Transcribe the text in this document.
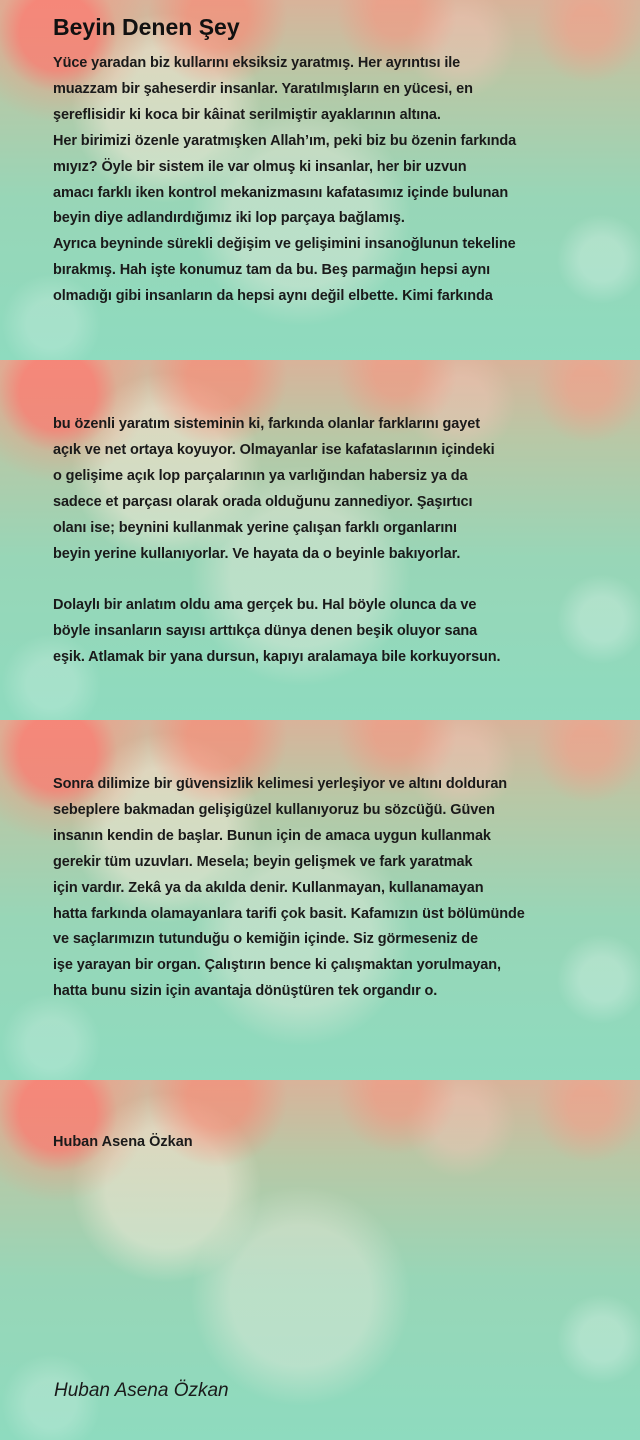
Beyin Denen Şey

Yüce yaradan biz kullarını eksiksiz yaratmış. Her ayrıntısı ile
muazzam bir şaheserdir insanlar. Yaratılmışların en yücesi, en
şereflisidir ki koca bir kâinat serilmiştir ayaklarının altına.
Her birimizi özenle yaratmışken Allah’ım, peki biz bu özenin farkında
mıyız? Öyle bir sistem ile var olmuş ki insanlar, her bir uzvun
amacı farklı iken kontrol mekanizmasını kafatasımız içinde bulunan
beyin diye adlandırdığımız iki lop parçaya bağlamış.
Ayrıca beyninde sürekli değişim ve gelişimini insanoğlunun tekeline
bırakmış. Hah işte konumuz tam da bu. Beş parmağın hepsi aynı
olmadığı gibi insanların da hepsi aynı değil elbette. Kimi farkında

bu özenli yaratım sisteminin ki, farkında olanlar farklarını gayet
açık ve net ortaya koyuyor. Olmayanlar ise kafataslarının içindeki
o gelişime açık lop parçalarının ya varlığından habersiz ya da
sadece et parçası olarak orada olduğunu zannediyor. Şaşırtıcı
olanı ise; beynini kullanmak yerine çalışan farklı organlarını
beyin yerine kullanıyorlar. Ve hayata da o beyinle bakıyorlar.

Dolaylı bir anlatım oldu ama gerçek bu. Hal böyle olunca da ve
böyle insanların sayısı arttıkça dünya denen beşik oluyor sana
eşik. Atlamak bir yana dursun, kapıyı aralamaya bile korkuyorsun.

Sonra dilimize bir güvensizlik kelimesi yerleşiyor ve altını dolduran
sebeplere bakmadan gelişigüzel kullanıyoruz bu sözcüğü. Güven
insanın kendin de başlar. Bunun için de amaca uygun kullanmak
gerekir tüm uzuvları. Mesela; beyin gelişmek ve fark yaratmak
için vardır. Zekâ ya da akılda denir. Kullanmayan, kullanamayan
hatta farkında olamayanlara tarifi çok basit. Kafamızın üst bölümünde
ve saçlarımızın tutunduğu o kemiğin içinde. Siz görmeseniz de
işe yarayan bir organ. Çalıştırın bence ki çalışmaktan yorulmayan,
hatta bunu sizin için avantaja dönüştüren tek organdır o.

Huban Asena Özkan

Huban Asena Özkan
